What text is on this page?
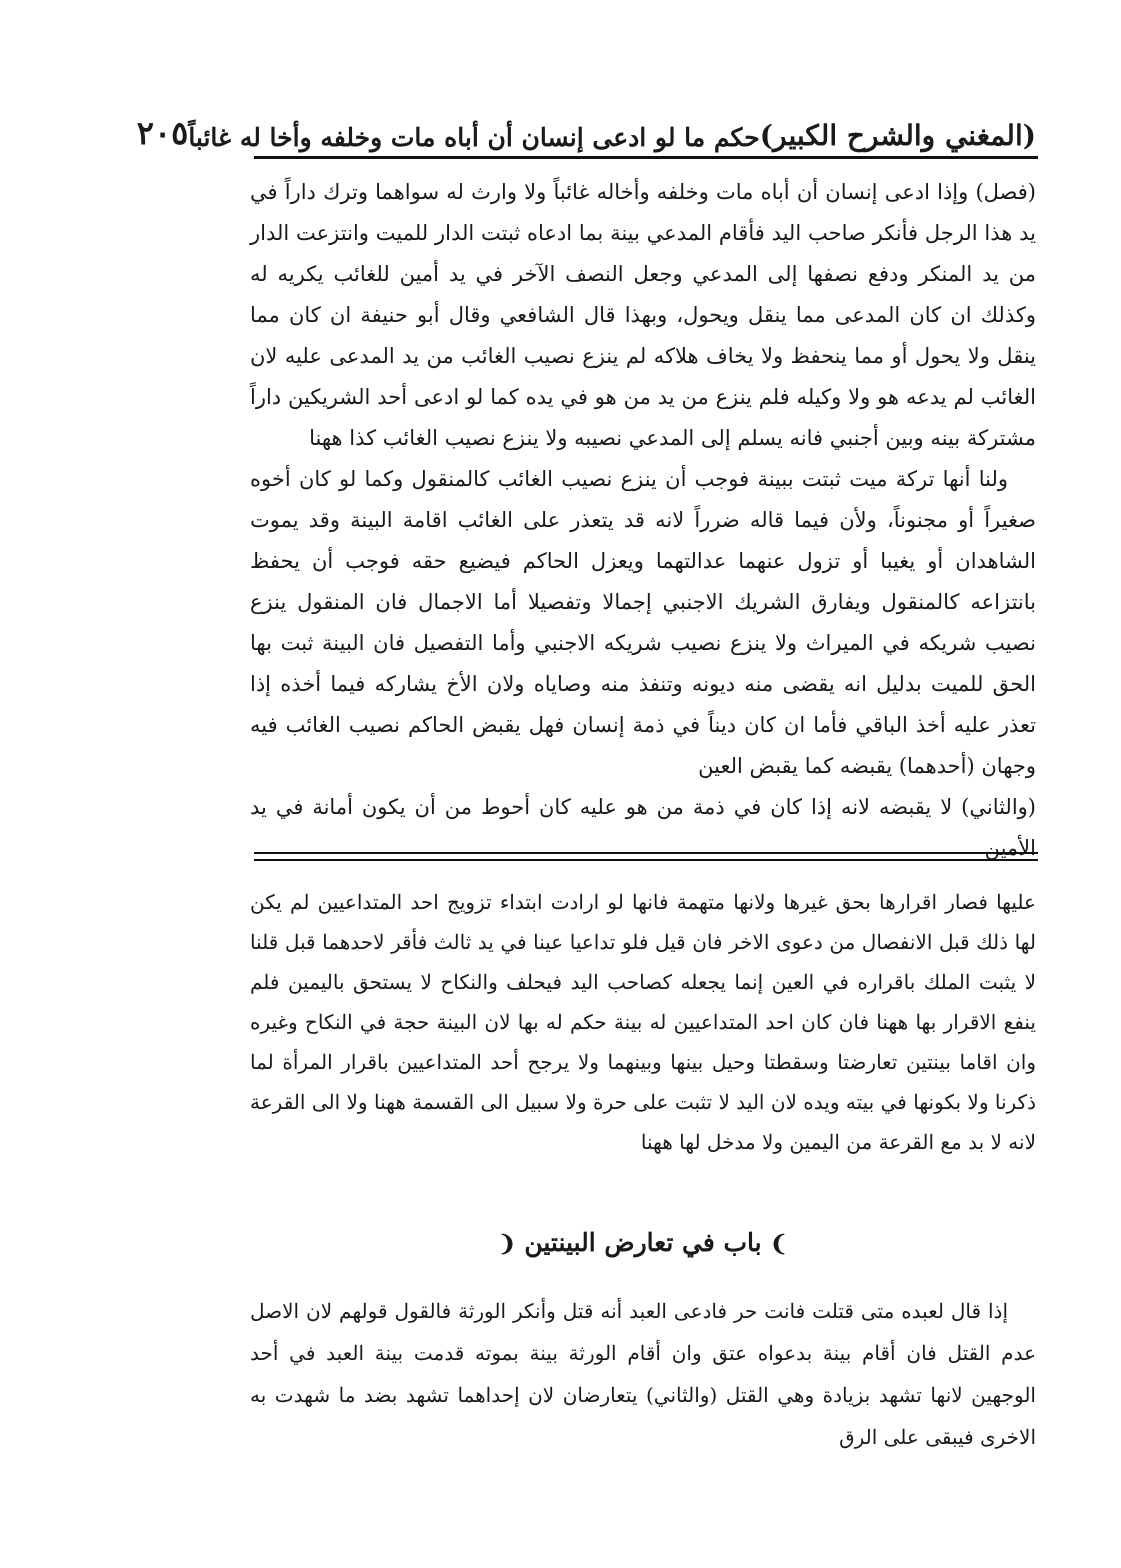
(المغني والشرح الكبير)
حكم ما لو ادعى إنسان أن أباه مات وخلفه وأخا له غائباً
٢٠٥

(فصل) وإذا ادعى إنسان أن أباه مات وخلفه وأخاله غائباً ولا وارث له سواهما وترك داراً في يد هذا الرجل فأنكر صاحب اليد فأقام المدعي بينة بما ادعاه ثبتت الدار للميت وانتزعت الدار من يد المنكر ودفع نصفها إلى المدعي وجعل النصف الآخر في يد أمين للغائب يكريه له وكذلك ان كان المدعى مما ينقل ويحول، وبهذا قال الشافعي وقال أبو حنيفة ان كان مما ينقل ولا يحول أو مما ينحفظ ولا يخاف هلاكه لم ينزع نصيب الغائب من يد المدعى عليه لان الغائب لم يدعه هو ولا وكيله فلم ينزع من يد من هو في يده كما لو ادعى أحد الشريكين داراً مشتركة بينه وبين أجنبي فانه يسلم إلى المدعي نصيبه ولا ينزع نصيب الغائب كذا ههنا

ولنا أنها تركة ميت ثبتت ببينة فوجب أن ينزع نصيب الغائب كالمنقول وكما لو كان أخوه صغيراً أو مجنوناً، ولأن فيما قاله ضرراً لانه قد يتعذر على الغائب اقامة البينة وقد يموت الشاهدان أو يغيبا أو تزول عنهما عدالتهما ويعزل الحاكم فيضيع حقه فوجب أن يحفظ بانتزاعه كالمنقول ويفارق الشريك الاجنبي إجمالا وتفصيلا أما الاجمال فان المنقول ينزع نصيب شريكه في الميراث ولا ينزع نصيب شريكه الاجنبي وأما التفصيل فان البينة ثبت بها الحق للميت بدليل انه يقضى منه ديونه وتنفذ منه وصاياه ولان الأخ يشاركه فيما أخذه إذا تعذر عليه أخذ الباقي فأما ان كان ديناً في ذمة إنسان فهل يقبض الحاكم نصيب الغائب فيه وجهان (أحدهما) يقبضه كما يقبض العين

(والثاني) لا يقبضه لانه إذا كان في ذمة من هو عليه كان أحوط من أن يكون أمانة في يد الأمين

عليها فصار اقرارها بحق غيرها ولانها متهمة فانها لو ارادت ابتداء تزويج احد المتداعيين لم يكن لها ذلك قبل الانفصال من دعوى الاخر فان قيل فلو تداعيا عينا في يد ثالث فأقر لاحدهما قبل قلنا لا يثبت الملك باقراره في العين إنما يجعله كصاحب اليد فيحلف والنكاح لا يستحق باليمين فلم ينفع الاقرار بها ههنا فان كان احد المتداعيين له بينة حكم له بها لان البينة حجة في النكاح وغيره وان اقاما بينتين تعارضتا وسقطتا وحيل بينها وبينهما ولا يرجح أحد المتداعيين باقرار المرأة لما ذكرنا ولا بكونها في بيته ويده لان اليد لا تثبت على حرة ولا سبيل الى القسمة ههنا ولا الى القرعة لانه لا بد مع القرعة من اليمين ولا مدخل لها ههنا

❩باب في تعارض البينتين❨

إذا قال لعبده متى قتلت فانت حر فادعى العبد أنه قتل وأنكر الورثة فالقول قولهم لان الاصل عدم القتل فان أقام بينة بدعواه عتق وان أقام الورثة بينة بموته قدمت بينة العبد في أحد الوجهين لانها تشهد بزيادة وهي القتل (والثاني) يتعارضان لان إحداهما تشهد بضد ما شهدت به الاخرى فيبقى على الرق
